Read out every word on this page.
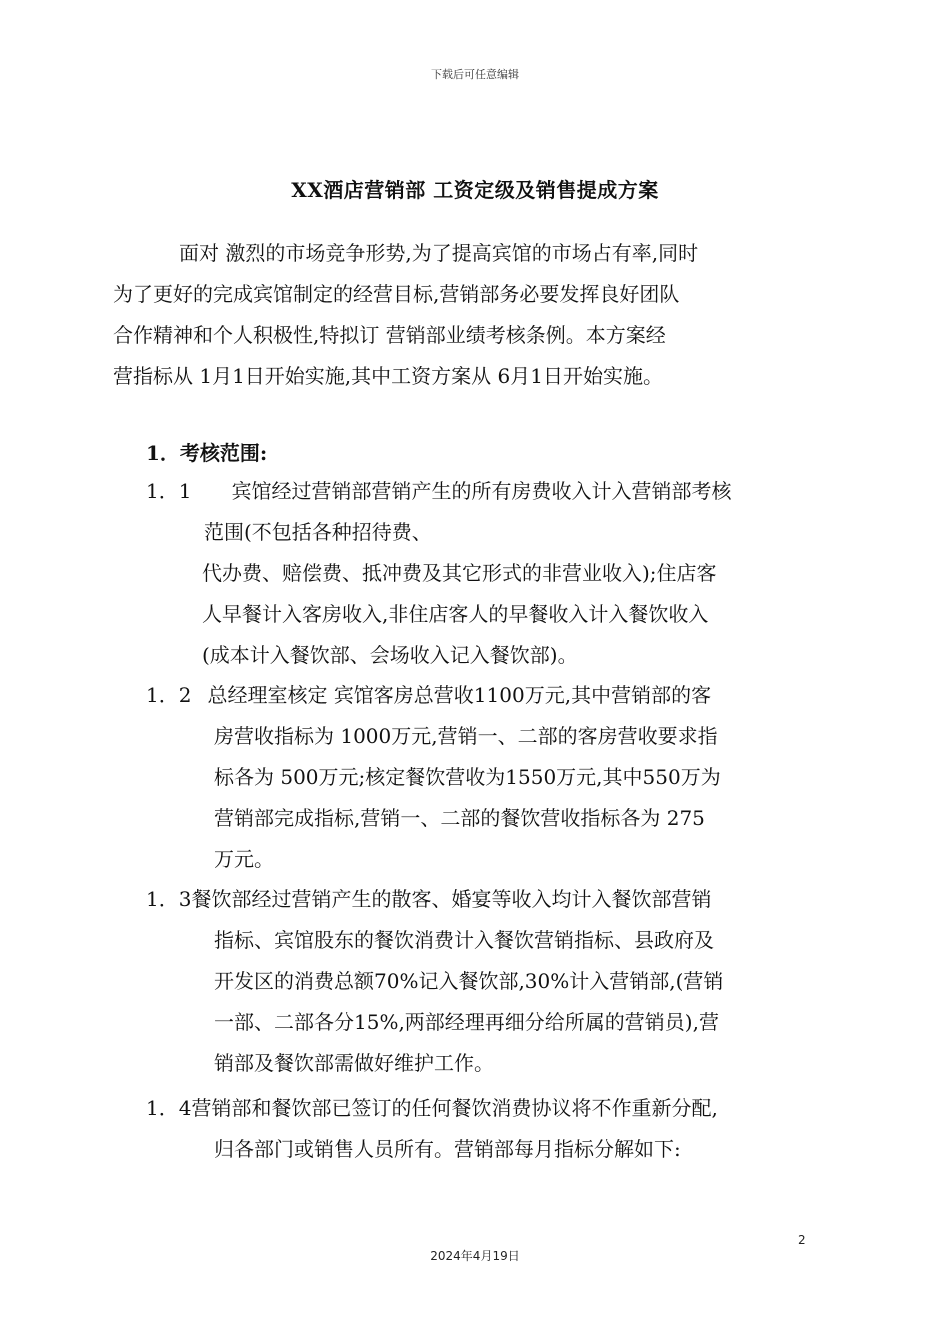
下载后可任意编辑

XX酒店营销部 工资定级及销售提成方案
面对 激烈的市场竞争形势,为了提高宾馆的市场占有率,同时
为了更好的完成宾馆制定的经营目标,营销部务必要发挥良好团队
合作精神和个人积极性,特拟订 营销部业绩考核条例。本方案经
营指标从 1月1日开始实施,其中工资方案从 6月1日开始实施。
1．考核范围:
1．1 宾馆经过营销部营销产生的所有房费收入计入营销部考核
范围(不包括各种招待费、
代办费、赔偿费、抵冲费及其它形式的非营业收入);住店客
人早餐计入客房收入,非住店客人的早餐收入计入餐饮收入
(成本计入餐饮部、会场收入记入餐饮部)。
1．2 总经理室核定 宾馆客房总营收1100万元,其中营销部的客
房营收指标为 1000万元,营销一、二部的客房营收要求指
标各为 500万元;核定餐饮营收为1550万元,其中550万为
营销部完成指标,营销一、二部的餐饮营收指标各为 275
万元。
1．3餐饮部经过营销产生的散客、婚宴等收入均计入餐饮部营销
指标、宾馆股东的餐饮消费计入餐饮营销指标、县政府及
开发区的消费总额70%记入餐饮部,30%计入营销部,(营销
一部、二部各分15%,两部经理再细分给所属的营销员),营
销部及餐饮部需做好维护工作。
1．4营销部和餐饮部已签订的任何餐饮消费协议将不作重新分配,
归各部门或销售人员所有。营销部每月指标分解如下:

2

2024年4月19日
